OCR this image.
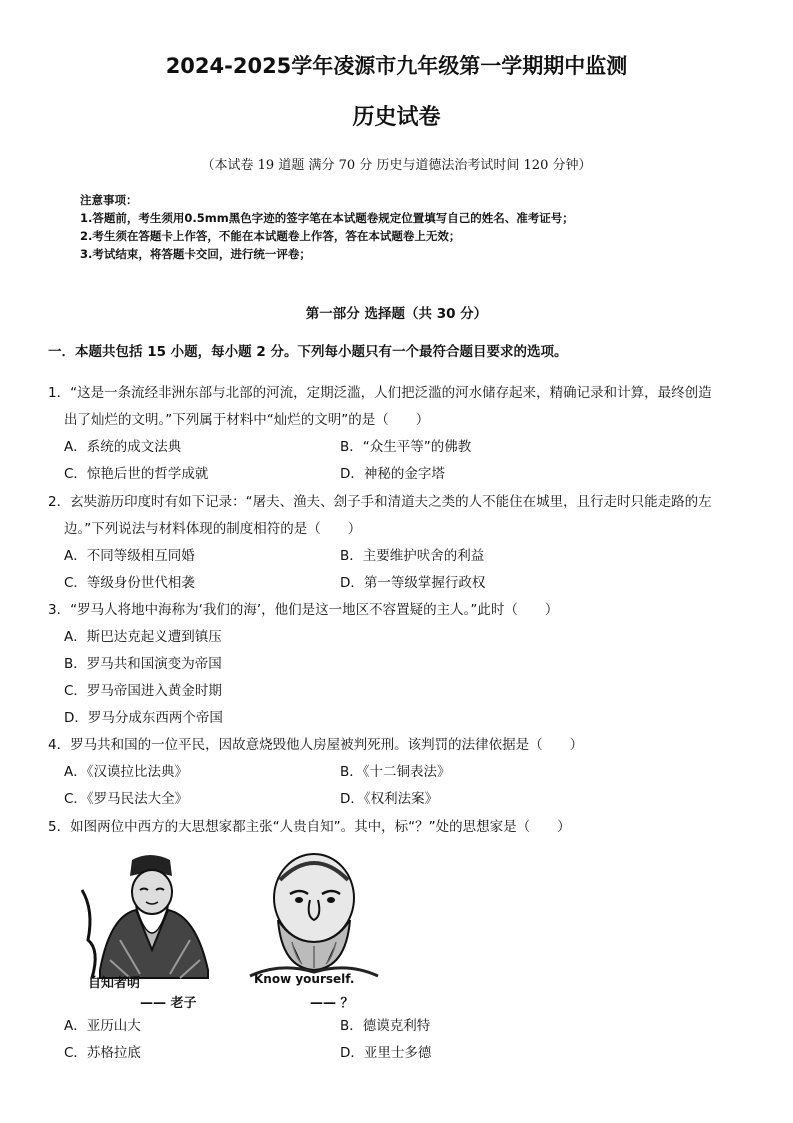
2024-2025学年凌源市九年级第一学期期中监测
历史试卷
（本试卷 19 道题 满分 70 分 历史与道德法治考试时间 120 分钟）
注意事项：
1.答题前，考生须用0.5mm黑色字迹的签字笔在本试题卷规定位置填写自己的姓名、准考证号；
2.考生须在答题卡上作答，不能在本试题卷上作答，答在本试题卷上无效；
3.考试结束，将答题卡交回，进行统一评卷；
第一部分 选择题（共 30 分）
一．本题共包括 15 小题，每小题 2 分。下列每小题只有一个最符合题目要求的选项。
1．“这是一条流经非洲东部与北部的河流，定期泛滥，人们把泛滥的河水储存起来，精确记录和计算，最终创造
出了灿烂的文明。”下列属于材料中“灿烂的文明”的是（　　）
A．系统的成文法典	B．“众生平等”的佛教
C．惊艳后世的哲学成就	D．神秘的金字塔
2．玄奘游历印度时有如下记录：“屠夫、渔夫、刽子手和清道夫之类的人不能住在城里，且行走时只能走路的左
边。”下列说法与材料体现的制度相符的是（　　）
A．不同等级相互同婚	B．主要维护吠舍的利益
C．等级身份世代相袭	D．第一等级掌握行政权
3．“罗马人将地中海称为‘我们的海’，他们是这一地区不容置疑的主人。”此时（　　）
A．斯巴达克起义遭到镇压
B．罗马共和国演变为帝国
C．罗马帝国进入黄金时期
D．罗马分成东西两个帝国
4．罗马共和国的一位平民，因故意烧毁他人房屋被判死刑。该判罚的法律依据是（　　）
A．《汉谟拉比法典》	B．《十二铜表法》
C．《罗马民法大全》	D．《权利法案》
5．如图两位中西方的大思想家都主张“人贵自知”。其中，标“？”处的思想家是（　　）
自知者明
—— 老子
Know yourself.
—— ？
A．亚历山大	B．德谟克利特
C．苏格拉底	D．亚里士多德
